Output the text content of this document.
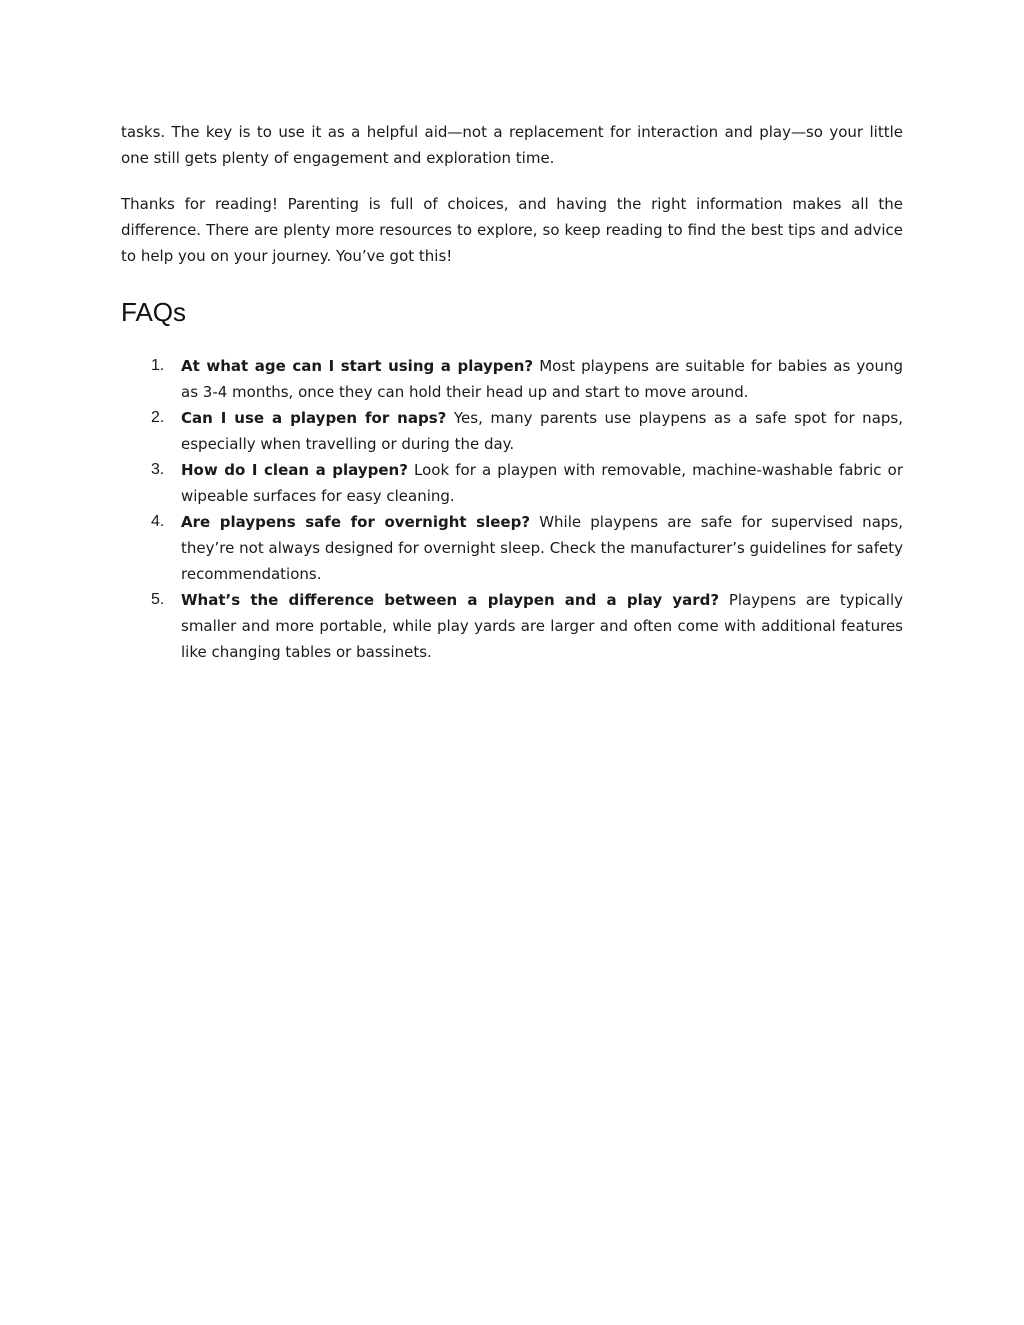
tasks. The key is to use it as a helpful aid—not a replacement for interaction and play—so your little one still gets plenty of engagement and exploration time.

Thanks for reading! Parenting is full of choices, and having the right information makes all the difference. There are plenty more resources to explore, so keep reading to find the best tips and advice to help you on your journey. You’ve got this!

FAQs
1. At what age can I start using a playpen? Most playpens are suitable for babies as young as 3-4 months, once they can hold their head up and start to move around.
2. Can I use a playpen for naps? Yes, many parents use playpens as a safe spot for naps, especially when travelling or during the day.
3. How do I clean a playpen? Look for a playpen with removable, machine-washable fabric or wipeable surfaces for easy cleaning.
4. Are playpens safe for overnight sleep? While playpens are safe for supervised naps, they’re not always designed for overnight sleep. Check the manufacturer’s guidelines for safety recommendations.
5. What’s the difference between a playpen and a play yard? Playpens are typically smaller and more portable, while play yards are larger and often come with additional features like changing tables or bassinets.
